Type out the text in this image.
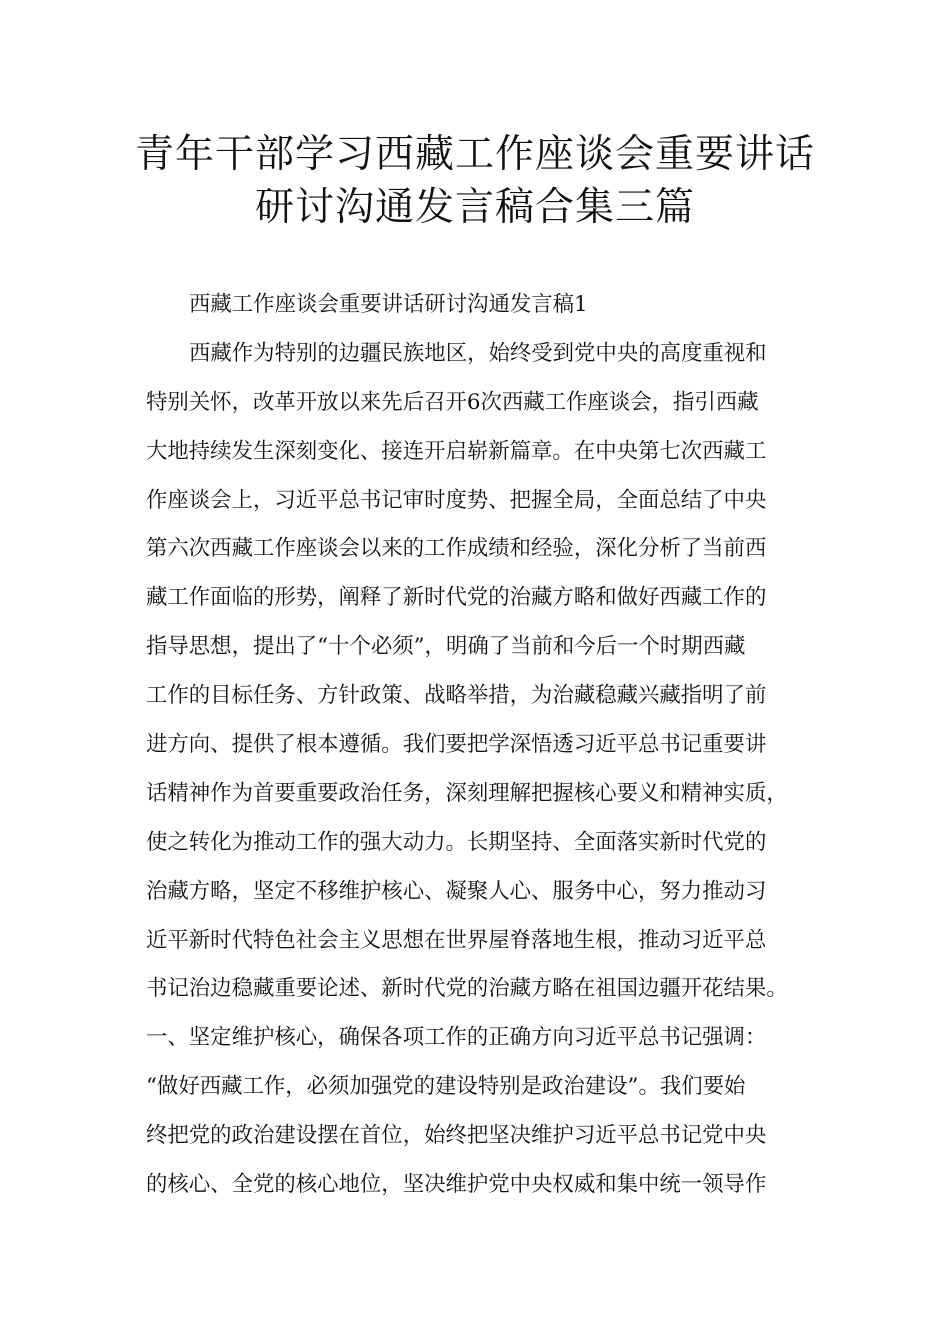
青年干部学习西藏工作座谈会重要讲话
研讨沟通发言稿合集三篇
西藏工作座谈会重要讲话研讨沟通发言稿1
西藏作为特别的边疆民族地区，始终受到党中央的高度重视和
特别关怀，改革开放以来先后召开6次西藏工作座谈会，指引西藏
大地持续发生深刻变化、接连开启崭新篇章。在中央第七次西藏工
作座谈会上，习近平总书记审时度势、把握全局，全面总结了中央
第六次西藏工作座谈会以来的工作成绩和经验，深化分析了当前西
藏工作面临的形势，阐释了新时代党的治藏方略和做好西藏工作的
指导思想，提出了“十个必须”，明确了当前和今后一个时期西藏
工作的目标任务、方针政策、战略举措，为治藏稳藏兴藏指明了前
进方向、提供了根本遵循。我们要把学深悟透习近平总书记重要讲
话精神作为首要重要政治任务，深刻理解把握核心要义和精神实质，
使之转化为推动工作的强大动力。长期坚持、全面落实新时代党的
治藏方略，坚定不移维护核心、凝聚人心、服务中心，努力推动习
近平新时代特色社会主义思想在世界屋脊落地生根，推动习近平总
书记治边稳藏重要论述、新时代党的治藏方略在祖国边疆开花结果。
一、坚定维护核心，确保各项工作的正确方向习近平总书记强调：
“做好西藏工作，必须加强党的建设特别是政治建设”。我们要始
终把党的政治建设摆在首位，始终把坚决维护习近平总书记党中央
的核心、全党的核心地位，坚决维护党中央权威和集中统一领导作
